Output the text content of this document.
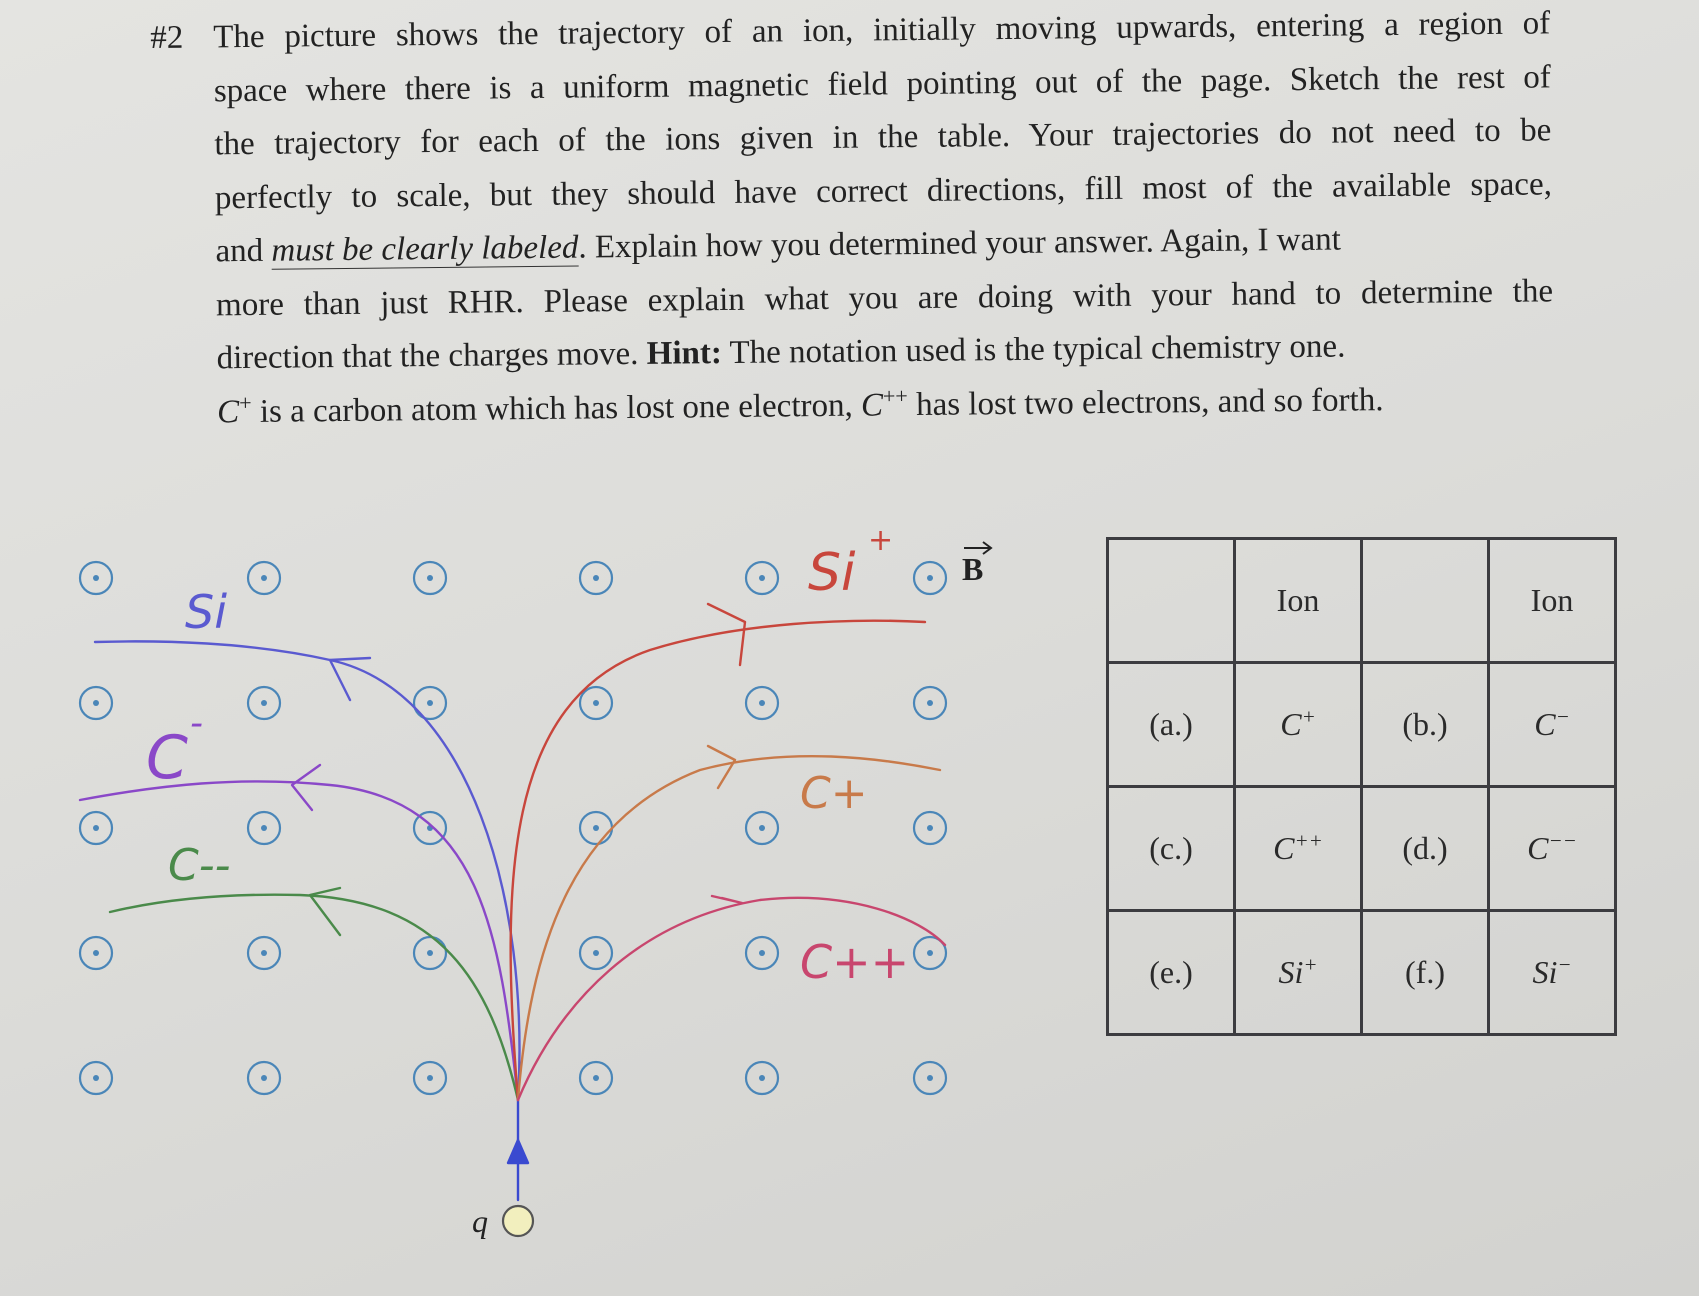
#2 The picture shows the trajectory of an ion, initially moving upwards, entering a region of
space where there is a uniform magnetic field pointing out of the page. Sketch the rest of
the trajectory for each of the ions given in the table. Your trajectories do not need to be
perfectly to scale, but they should have correct directions, fill most of the available space,
and must be clearly labeled. Explain how you determined your answer. Again, I want
more than just RHR. Please explain what you are doing with your hand to determine the
direction that the charges move. Hint: The notation used is the typical chemistry one.
C+ is a carbon atom which has lost one electron, C++ has lost two electrons, and so forth.
Si
Si
+
C -
C+
C--
C++
B
q
	Ion		Ion
(a.)	C+	(b.)	C−
(c.)	C++	(d.)	C−−
(e.)	Si+	(f.)	Si−
